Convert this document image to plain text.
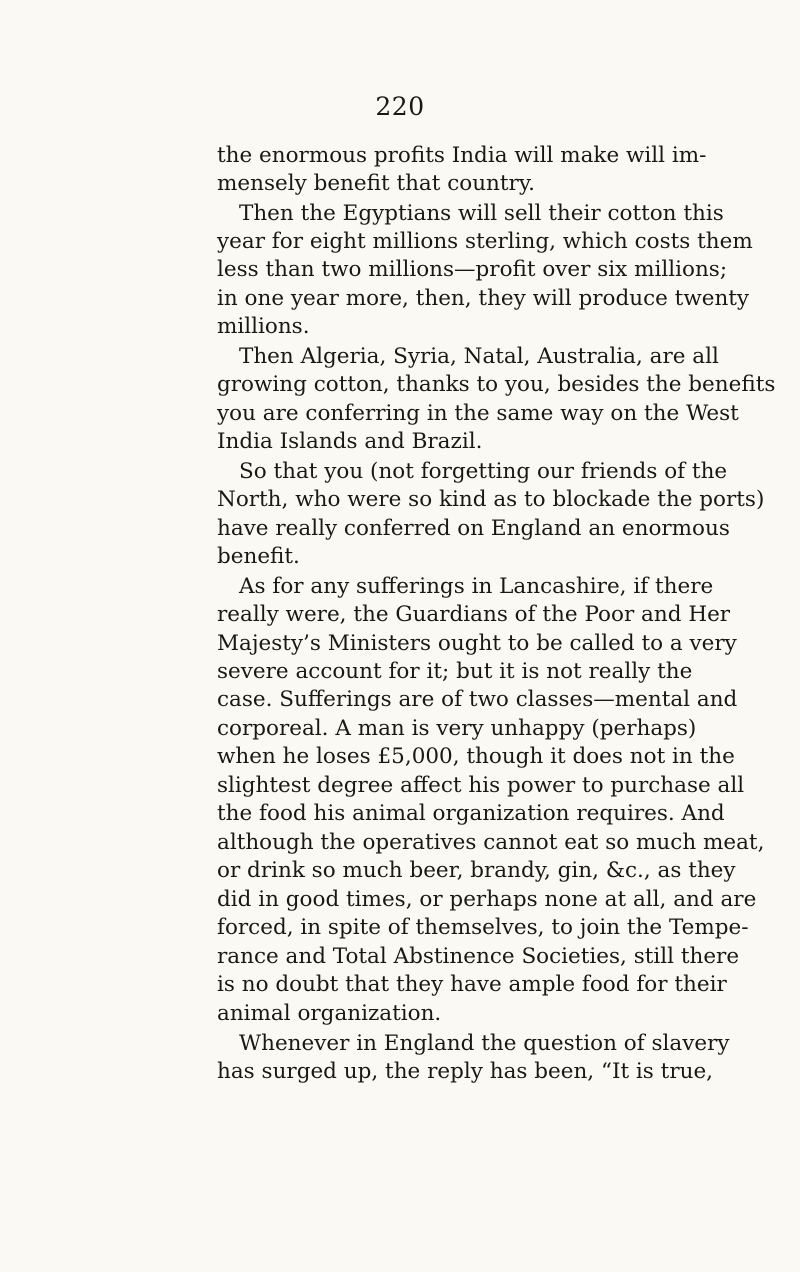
220
the enormous profits India will make will im-
mensely benefit that country.
Then the Egyptians will sell their cotton this
year for eight millions sterling, which costs them
less than two millions—profit over six millions;
in one year more, then, they will produce twenty
millions.
Then Algeria, Syria, Natal, Australia, are all
growing cotton, thanks to you, besides the benefits
you are conferring in the same way on the West
India Islands and Brazil.
So that you (not forgetting our friends of the
North, who were so kind as to blockade the ports)
have really conferred on England an enormous
benefit.
As for any sufferings in Lancashire, if there
really were, the Guardians of the Poor and Her
Majesty’s Ministers ought to be called to a very
severe account for it; but it is not really the
case. Sufferings are of two classes—mental and
corporeal. A man is very unhappy (perhaps)
when he loses £5,000, though it does not in the
slightest degree affect his power to purchase all
the food his animal organization requires. And
although the operatives cannot eat so much meat,
or drink so much beer, brandy, gin, &c., as they
did in good times, or perhaps none at all, and are
forced, in spite of themselves, to join the Tempe-
rance and Total Abstinence Societies, still there
is no doubt that they have ample food for their
animal organization.
Whenever in England the question of slavery
has surged up, the reply has been, “It is true,
